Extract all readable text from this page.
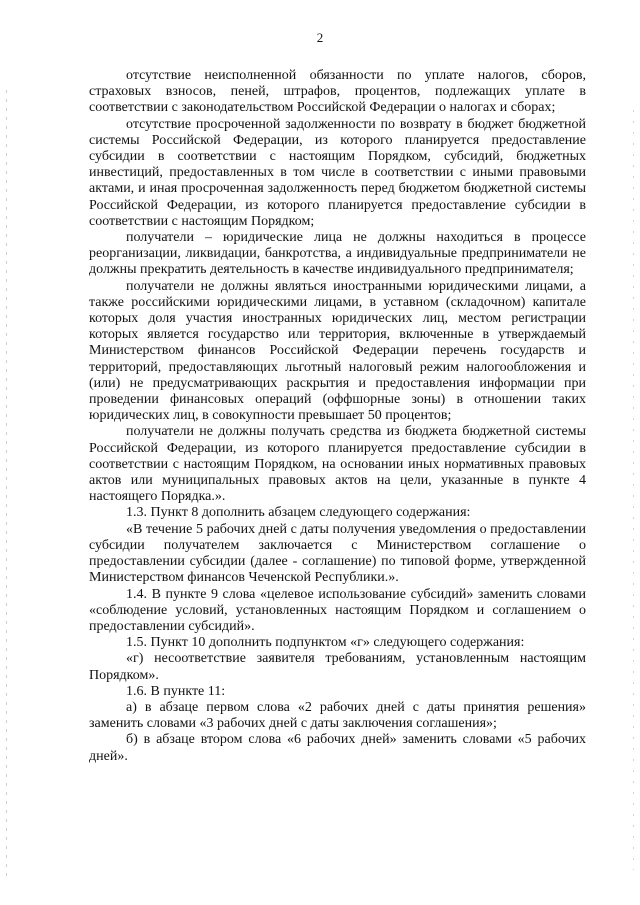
2

отсутствие неисполненной обязанности по уплате налогов, сборов, страховых взносов, пеней, штрафов, процентов, подлежащих уплате в соответствии с законодательством Российской Федерации о налогах и сборах;

отсутствие просроченной задолженности по возврату в бюджет бюджетной системы Российской Федерации, из которого планируется предоставление субсидии в соответствии с настоящим Порядком, субсидий, бюджетных инвестиций, предоставленных в том числе в соответствии с иными правовыми актами, и иная просроченная задолженность перед бюджетом бюджетной системы Российской Федерации, из которого планируется предоставление субсидии в соответствии с настоящим Порядком;

получатели – юридические лица не должны находиться в процессе реорганизации, ликвидации, банкротства, а индивидуальные предприниматели не должны прекратить деятельность в качестве индивидуального предпринимателя;

получатели не должны являться иностранными юридическими лицами, а также российскими юридическими лицами, в уставном (складочном) капитале которых доля участия иностранных юридических лиц, местом регистрации которых является государство или территория, включенные в утверждаемый Министерством финансов Российской Федерации перечень государств и территорий, предоставляющих льготный налоговый режим налогообложения и (или) не предусматривающих раскрытия и предоставления информации при проведении финансовых операций (оффшорные зоны) в отношении таких юридических лиц, в совокупности превышает 50 процентов;

получатели не должны получать средства из бюджета бюджетной системы Российской Федерации, из которого планируется предоставление субсидии в соответствии с настоящим Порядком, на основании иных нормативных правовых актов или муниципальных правовых актов на цели, указанные в пункте 4 настоящего Порядка.».

1.3. Пункт 8 дополнить абзацем следующего содержания:

«В течение 5 рабочих дней с даты получения уведомления о предоставлении субсидии получателем заключается с Министерством соглашение о предоставлении субсидии (далее - соглашение) по типовой форме, утвержденной Министерством финансов Чеченской Республики.».

1.4. В пункте 9 слова «целевое использование субсидий» заменить словами «соблюдение условий, установленных настоящим Порядком и соглашением о предоставлении субсидий».

1.5. Пункт 10 дополнить подпунктом «г» следующего содержания:

«г) несоответствие заявителя требованиям, установленным настоящим Порядком».

1.6. В пункте 11:

а) в абзаце первом слова «2 рабочих дней с даты принятия решения» заменить словами «3 рабочих дней с даты заключения соглашения»;

б) в абзаце втором слова «6 рабочих дней» заменить словами «5 рабочих дней».
